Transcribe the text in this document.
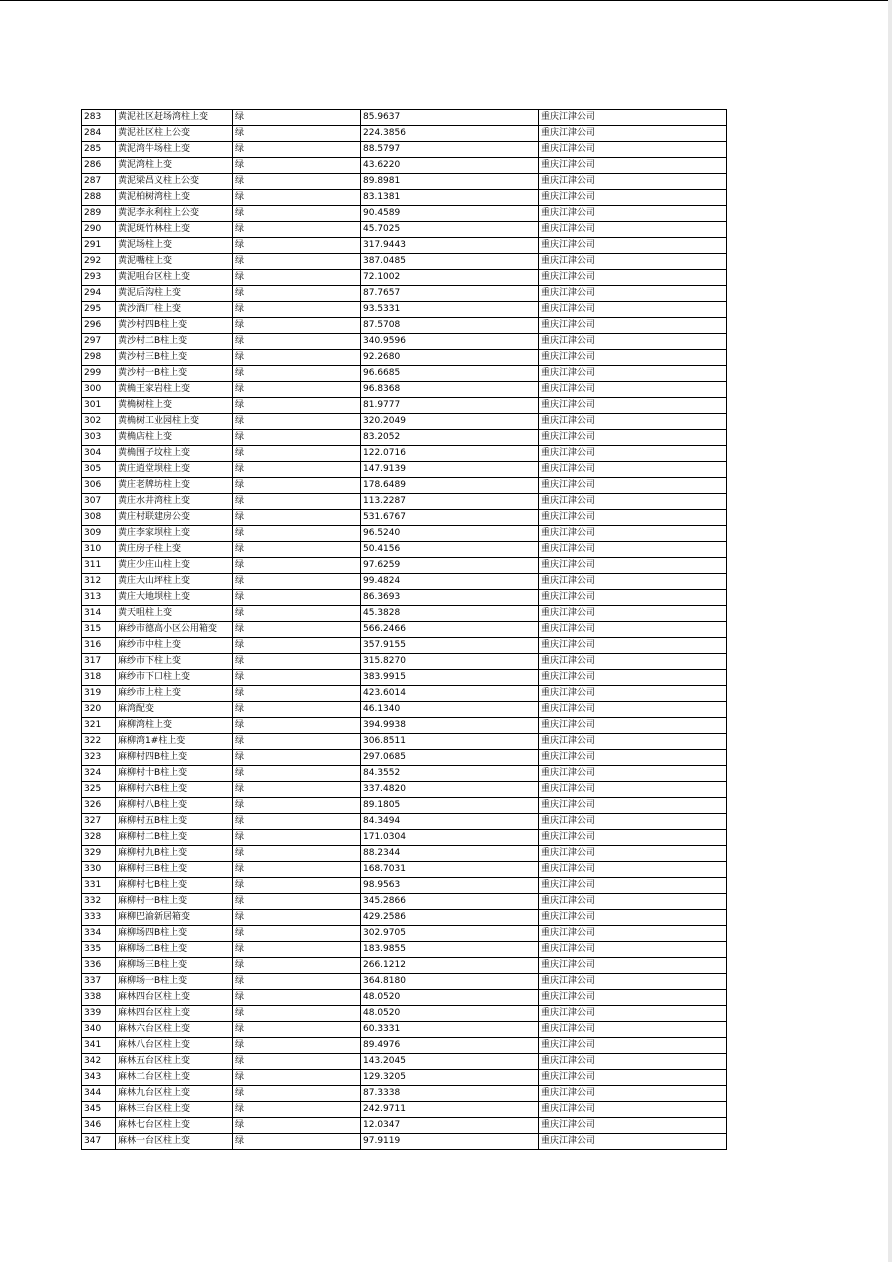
283	黄泥社区赶场湾柱上变	绿	85.9637	重庆江津公司
284	黄泥社区柱上公变	绿	224.3856	重庆江津公司
285	黄泥湾牛场柱上变	绿	88.5797	重庆江津公司
286	黄泥湾柱上变	绿	43.6220	重庆江津公司
287	黄泥梁昌义柱上公变	绿	89.8981	重庆江津公司
288	黄泥柏树湾柱上变	绿	83.1381	重庆江津公司
289	黄泥李永利柱上公变	绿	90.4589	重庆江津公司
290	黄泥斑竹林柱上变	绿	45.7025	重庆江津公司
291	黄泥场柱上变	绿	317.9443	重庆江津公司
292	黄泥嘴柱上变	绿	387.0485	重庆江津公司
293	黄泥咀台区柱上变	绿	72.1002	重庆江津公司
294	黄泥后沟柱上变	绿	87.7657	重庆江津公司
295	黄沙酒厂柱上变	绿	93.5331	重庆江津公司
296	黄沙村四B柱上变	绿	87.5708	重庆江津公司
297	黄沙村二B柱上变	绿	340.9596	重庆江津公司
298	黄沙村三B柱上变	绿	92.2680	重庆江津公司
299	黄沙村一B柱上变	绿	96.6685	重庆江津公司
300	黄桷王家岩柱上变	绿	96.8368	重庆江津公司
301	黄桷树柱上变	绿	81.9777	重庆江津公司
302	黄桷树工业园柱上变	绿	320.2049	重庆江津公司
303	黄桷店柱上变	绿	83.2052	重庆江津公司
304	黄桷围子坟柱上变	绿	122.0716	重庆江津公司
305	黄庄逍堂坝柱上变	绿	147.9139	重庆江津公司
306	黄庄老牌坊柱上变	绿	178.6489	重庆江津公司
307	黄庄水井湾柱上变	绿	113.2287	重庆江津公司
308	黄庄村联建房公变	绿	531.6767	重庆江津公司
309	黄庄李家坝柱上变	绿	96.5240	重庆江津公司
310	黄庄房子柱上变	绿	50.4156	重庆江津公司
311	黄庄少庄山柱上变	绿	97.6259	重庆江津公司
312	黄庄大山坪柱上变	绿	99.4824	重庆江津公司
313	黄庄大地坝柱上变	绿	86.3693	重庆江津公司
314	黄天咀柱上变	绿	45.3828	重庆江津公司
315	麻纱市德高小区公用箱变	绿	566.2466	重庆江津公司
316	麻纱市中柱上变	绿	357.9155	重庆江津公司
317	麻纱市下柱上变	绿	315.8270	重庆江津公司
318	麻纱市下口柱上变	绿	383.9915	重庆江津公司
319	麻纱市上柱上变	绿	423.6014	重庆江津公司
320	麻湾配变	绿	46.1340	重庆江津公司
321	麻柳湾柱上变	绿	394.9938	重庆江津公司
322	麻柳湾1#柱上变	绿	306.8511	重庆江津公司
323	麻柳村四B柱上变	绿	297.0685	重庆江津公司
324	麻柳村十B柱上变	绿	84.3552	重庆江津公司
325	麻柳村六B柱上变	绿	337.4820	重庆江津公司
326	麻柳村八B柱上变	绿	89.1805	重庆江津公司
327	麻柳村五B柱上变	绿	84.3494	重庆江津公司
328	麻柳村二B柱上变	绿	171.0304	重庆江津公司
329	麻柳村九B柱上变	绿	88.2344	重庆江津公司
330	麻柳村三B柱上变	绿	168.7031	重庆江津公司
331	麻柳村七B柱上变	绿	98.9563	重庆江津公司
332	麻柳村一B柱上变	绿	345.2866	重庆江津公司
333	麻柳巴渝新居箱变	绿	429.2586	重庆江津公司
334	麻柳场四B柱上变	绿	302.9705	重庆江津公司
335	麻柳场二B柱上变	绿	183.9855	重庆江津公司
336	麻柳场三B柱上变	绿	266.1212	重庆江津公司
337	麻柳场一B柱上变	绿	364.8180	重庆江津公司
338	麻林四台区柱上变	绿	48.0520	重庆江津公司
339	麻林四台区柱上变	绿	48.0520	重庆江津公司
340	麻林六台区柱上变	绿	60.3331	重庆江津公司
341	麻林八台区柱上变	绿	89.4976	重庆江津公司
342	麻林五台区柱上变	绿	143.2045	重庆江津公司
343	麻林二台区柱上变	绿	129.3205	重庆江津公司
344	麻林九台区柱上变	绿	87.3338	重庆江津公司
345	麻林三台区柱上变	绿	242.9711	重庆江津公司
346	麻林七台区柱上变	绿	12.0347	重庆江津公司
347	麻林一台区柱上变	绿	97.9119	重庆江津公司
